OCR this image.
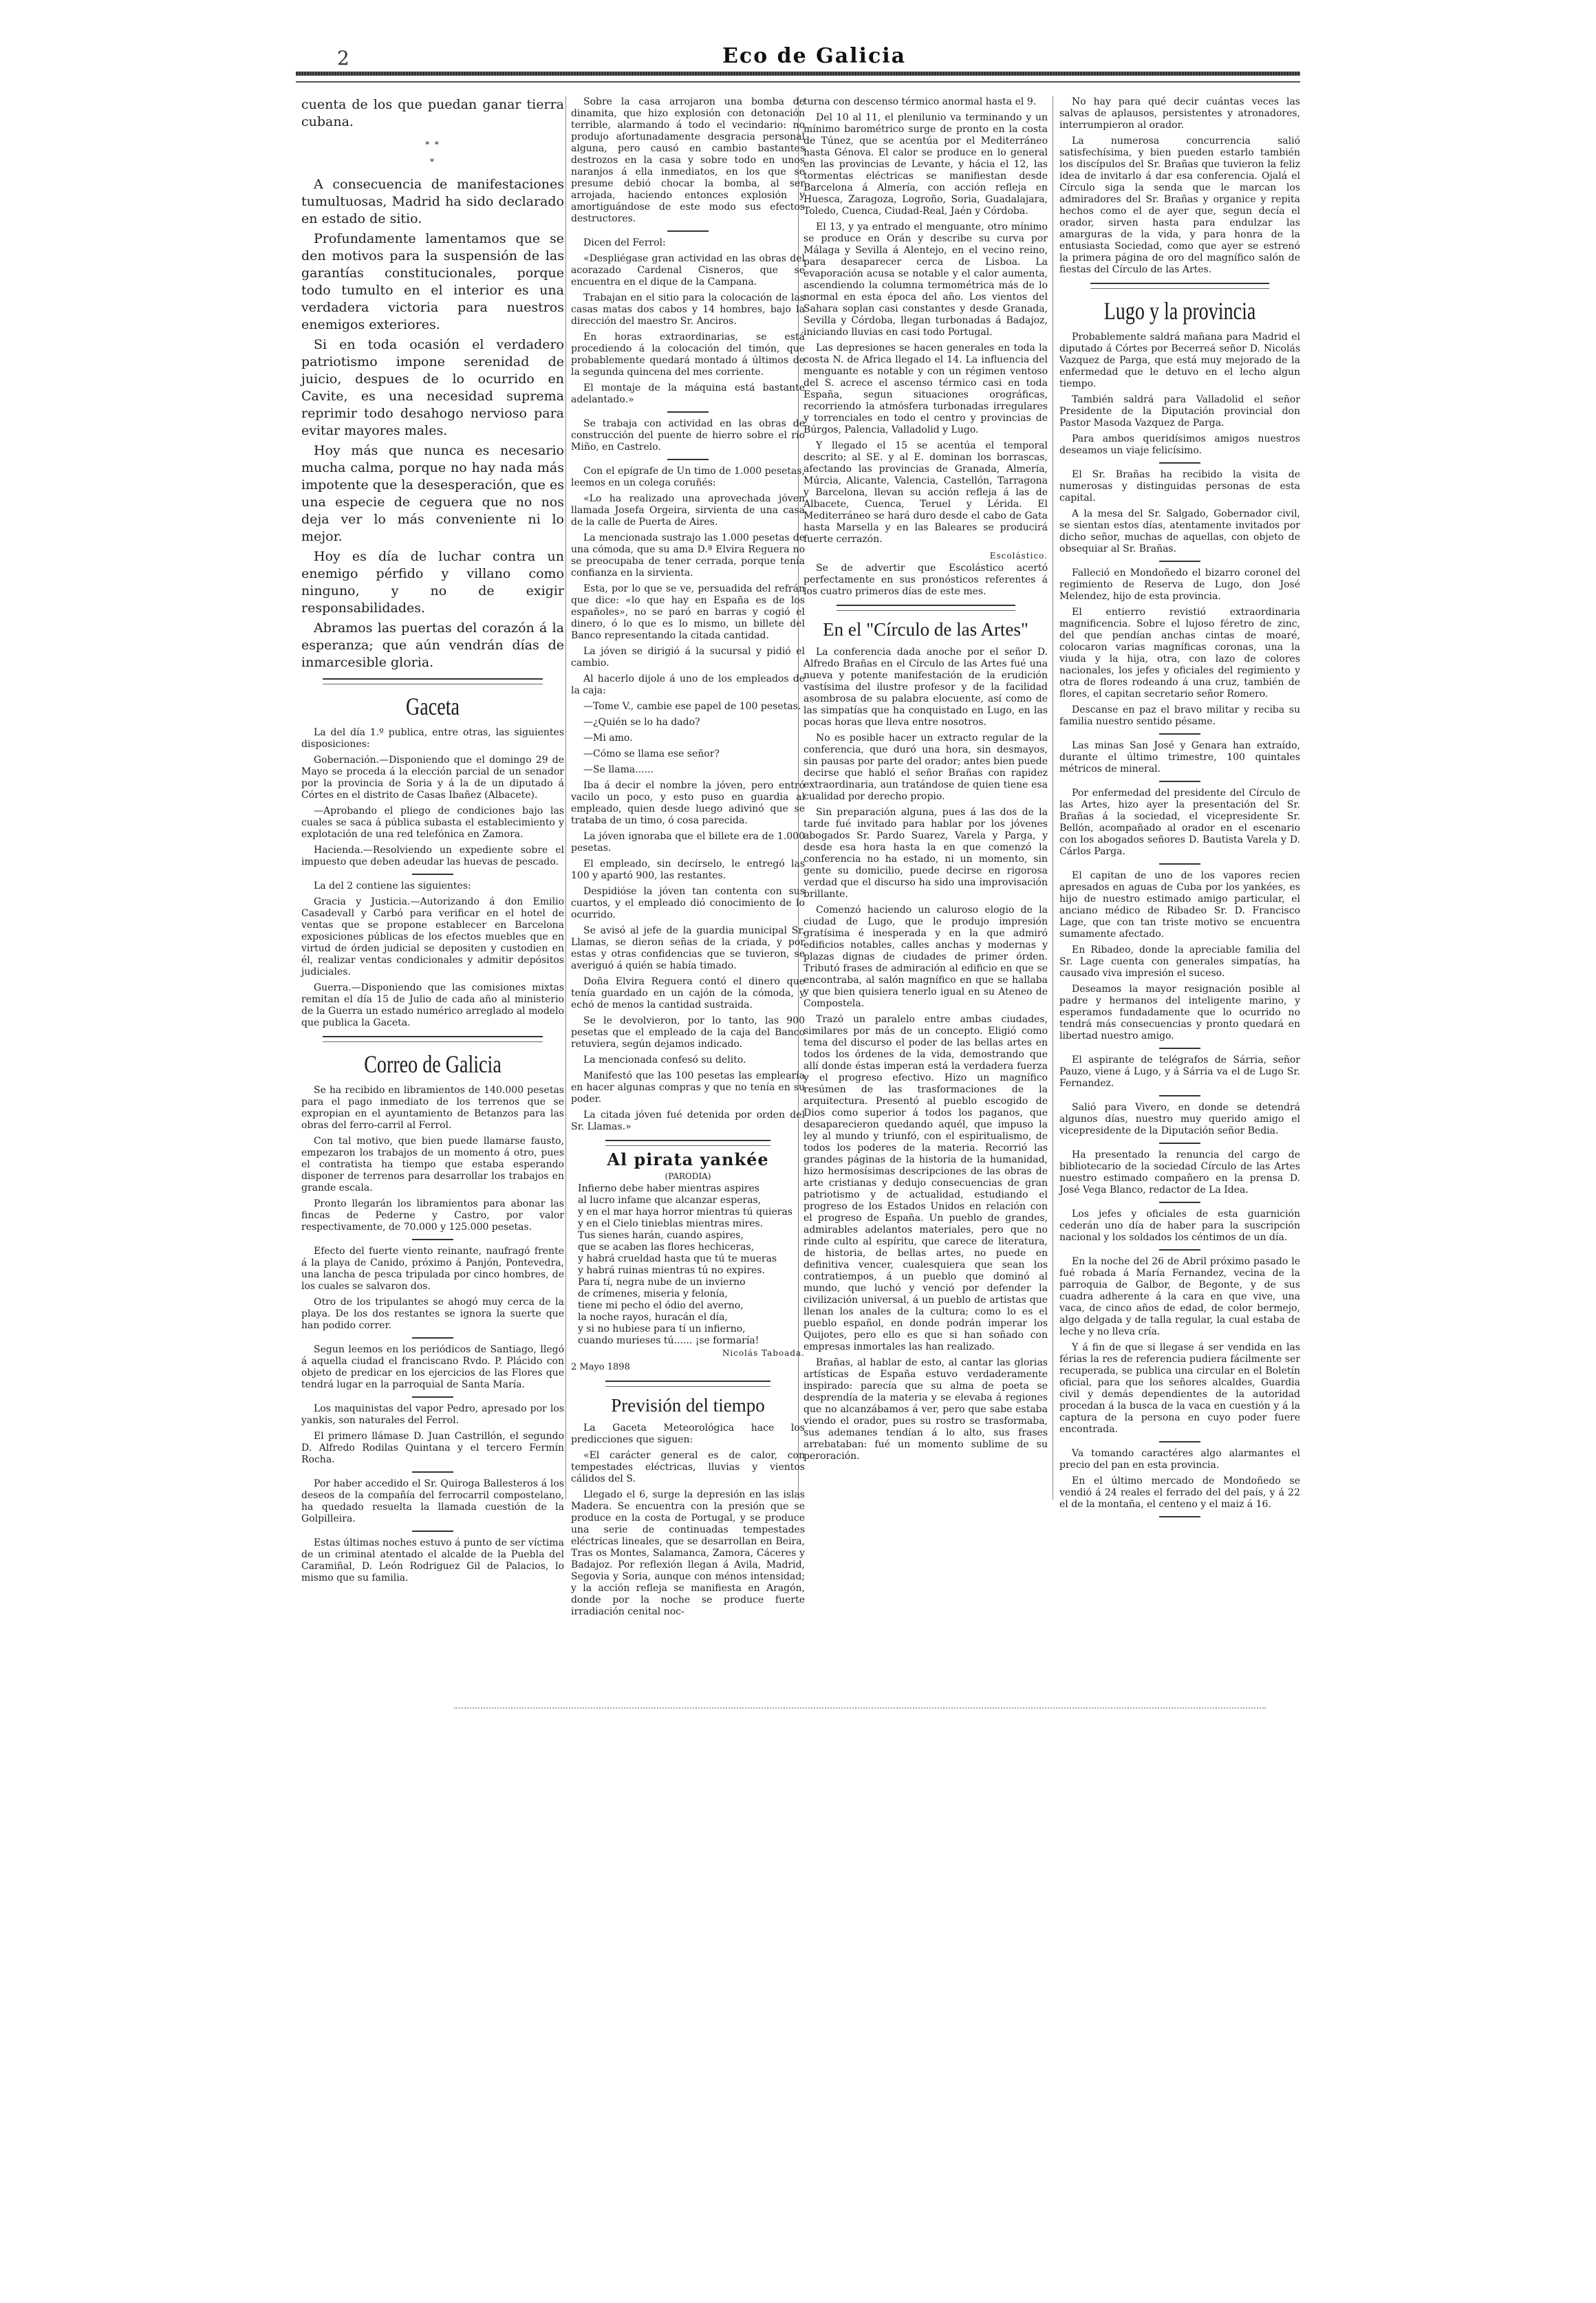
2	Eco de Galicia

cuenta de los que puedan ganar tierra cubana.

* *
*

A consecuencia de manifestaciones tumultuosas, Madrid ha sido declarado en estado de sitio.

Profundamente lamentamos que se den motivos para la suspensión de las garantías constitucionales, porque todo tumulto en el interior es una verdadera victoria para nuestros enemigos exteriores.

Si en toda ocasión el verdadero patriotismo impone serenidad de juicio, despues de lo ocurrido en Cavite, es una necesidad suprema reprimir todo desahogo nervioso para evitar mayores males.

Hoy más que nunca es necesario mucha calma, porque no hay nada más impotente que la desesperación, que es una especie de ceguera que no nos deja ver lo más conveniente ni lo mejor.

Hoy es día de luchar contra un enemigo pérfido y villano como ninguno, y no de exigir responsabilidades.

Abramos las puertas del corazón á la esperanza; que aún vendrán días de inmarcesible gloria.

Gaceta

La del día 1.º publica, entre otras, las siguientes disposiciones:

Gobernación.—Disponiendo que el domingo 29 de Mayo se proceda á la elección parcial de un senador por la provincia de Soria y á la de un diputado á Córtes en el distrito de Casas Ibañez (Albacete).

—Aprobando el pliego de condiciones bajo las cuales se saca á pública subasta el establecimiento y explotación de una red telefónica en Zamora.

Hacienda.—Resolviendo un expediente sobre el impuesto que deben adeudar las huevas de pescado.

La del 2 contiene las siguientes:

Gracia y Justicia.—Autorizando á don Emilio Casadevall y Carbó para verificar en el hotel de ventas que se propone establecer en Barcelona exposiciones públicas de los efectos muebles que en virtud de órden judicial se depositen y custodien en él, realizar ventas condicionales y admitir depósitos judiciales.

Guerra.—Disponiendo que las comisiones mixtas remitan el día 15 de Julio de cada año al ministerio de la Guerra un estado numérico arreglado al modelo que publica la Gaceta.

Correo de Galicia

Se ha recibido en libramientos de 140.000 pesetas para el pago inmediato de los terrenos que se expropian en el ayuntamiento de Betanzos para las obras del ferro-carril al Ferrol.

Con tal motivo, que bien puede llamarse fausto, empezaron los trabajos de un momento á otro, pues el contratista ha tiempo que estaba esperando disponer de terrenos para desarrollar los trabajos en grande escala.

Pronto llegarán los libramientos para abonar las fincas de Pederne y Castro, por valor respectivamente, de 70.000 y 125.000 pesetas.

Efecto del fuerte viento reinante, naufragó frente á la playa de Canido, próximo á Panjón, Pontevedra, una lancha de pesca tripulada por cinco hombres, de los cuales se salvaron dos.

Otro de los tripulantes se ahogó muy cerca de la playa. De los dos restantes se ignora la suerte que han podido correr.

Segun leemos en los periódicos de Santiago, llegó á aquella ciudad el franciscano Rvdo. P. Plácido con objeto de predicar en los ejercicios de las Flores que tendrá lugar en la parroquial de Santa María.

Los maquinistas del vapor Pedro, apresado por los yankis, son naturales del Ferrol.

El primero llámase D. Juan Castrillón, el segundo D. Alfredo Rodilas Quintana y el tercero Fermín Rocha.

Por haber accedido el Sr. Quiroga Ballesteros á los deseos de la compañía del ferrocarril compostelano, ha quedado resuelta la llamada cuestión de la Golpilleira.

Estas últimas noches estuvo á punto de ser víctima de un criminal atentado el alcalde de la Puebla del Caramiñal, D. León Rodriguez Gil de Palacios, lo mismo que su familia.

Sobre la casa arrojaron una bomba de dinamita, que hizo explosión con detonación terrible, alarmando á todo el vecindario: no produjo afortunadamente desgracia personal alguna, pero causó en cambio bastantes destrozos en la casa y sobre todo en unos naranjos á ella inmediatos, en los que se presume debió chocar la bomba, al ser arrojada, haciendo entonces explosión y amortiguándose de este modo sus efectos destructores.

Dicen del Ferrol:

«Despliégase gran actividad en las obras del acorazado Cardenal Cisneros, que se encuentra en el dique de la Campana.

Trabajan en el sitio para la colocación de las casas matas dos cabos y 14 hombres, bajo la dirección del maestro Sr. Anciros.

En horas extraordinarias, se está procediendo á la colocación del timón, que probablemente quedará montado á últimos de la segunda quincena del mes corriente.

El montaje de la máquina está bastante adelantado.»

Se trabaja con actividad en las obras de construcción del puente de hierro sobre el río Miño, en Castrelo.

Con el epígrafe de Un timo de 1.000 pesetas, leemos en un colega coruñés:

«Lo ha realizado una aprovechada jóven llamada Josefa Orgeira, sirvienta de una casa de la calle de Puerta de Aires.

La mencionada sustrajo las 1.000 pesetas de una cómoda, que su ama D.ª Elvira Reguera no se preocupaba de tener cerrada, porque tenía confianza en la sirvienta.

Esta, por lo que se ve, persuadida del refrán que dice: «lo que hay en España es de los españoles», no se paró en barras y cogió el dinero, ó lo que es lo mismo, un billete del Banco representando la citada cantidad.

La jóven se dirigió á la sucursal y pidió el cambio.

Al hacerlo dijole á uno de los empleados de la caja:

—Tome V., cambie ese papel de 100 pesetas.

—¿Quién se lo ha dado?

—Mi amo.

—Cómo se llama ese señor?

—Se llama......

Iba á decir el nombre la jóven, pero entró vacilo un poco, y esto puso en guardia al empleado, quien desde luego adivinó que se trataba de un timo, ó cosa parecida.

La jóven ignoraba que el billete era de 1.000 pesetas.

El empleado, sin decírselo, le entregó las 100 y apartó 900, las restantes.

Despidióse la jóven tan contenta con sus cuartos, y el empleado dió conocimiento de lo ocurrido.

Se avisó al jefe de la guardia municipal Sr. Llamas, se dieron señas de la criada, y por estas y otras confidencias que se tuvieron, se averiguó á quién se había timado.

Doña Elvira Reguera contó el dinero que tenía guardado en un cajón de la cómoda, y echó de menos la cantidad sustraida.

Se le devolvieron, por lo tanto, las 900 pesetas que el empleado de la caja del Banco retuviera, según dejamos indicado.

La mencionada confesó su delito.

Manifestó que las 100 pesetas las emplearía en hacer algunas compras y que no tenía en su poder.

La citada jóven fué detenida por orden del Sr. Llamas.»

Al pirata yankée
(PARODIA)
Infierno debe haber mientras aspires
al lucro infame que alcanzar esperas,
y en el mar haya horror mientras tú quieras
y en el Cielo tinieblas mientras mires.
Tus sienes harán, cuando aspires,
que se acaben las flores hechiceras,
y habrá crueldad hasta que tú te mueras
y habrá ruinas mientras tú no expires.
Para tí, negra nube de un invierno
de crímenes, miseria y felonía,
tiene mi pecho el ódio del averno,
la noche rayos, huracán el día,
y si no hubiese para tí un infierno,
cuando murieses tú...... ¡se formaría!
Nicolás Taboada.
2 Mayo 1898
Previsión del tiempo

La Gaceta Meteorológica hace los predicciones que siguen:

«El carácter general es de calor, con tempestades eléctricas, lluvias y vientos cálidos del S.

Llegado el 6, surge la depresión en las islas Madera. Se encuentra con la presión que se produce en la costa de Portugal, y se produce una serie de continuadas tempestades eléctricas lineales, que se desarrollan en Beira, Tras os Montes, Salamanca, Zamora, Cáceres y Badajoz. Por reflexión llegan á Avila, Madrid, Segovia y Soria, aunque con ménos intensidad; y la acción refleja se manifiesta en Aragón, donde por la noche se produce fuerte irradiación cenital noc-

turna con descenso térmico anormal hasta el 9.

Del 10 al 11, el plenilunio va terminando y un mínimo barométrico surge de pronto en la costa de Túnez, que se acentúa por el Mediterráneo hasta Génova. El calor se produce en lo general en las provincias de Levante, y hácia el 12, las tormentas eléctricas se manifiestan desde Barcelona á Almería, con acción refleja en Huesca, Zaragoza, Logroño, Soria, Guadalajara, Toledo, Cuenca, Ciudad-Real, Jaén y Córdoba.

El 13, y ya entrado el menguante, otro mínimo se produce en Orán y describe su curva por Málaga y Sevilla á Alentejo, en el vecino reino, para desaparecer cerca de Lisboa. La evaporación acusa se notable y el calor aumenta, ascendiendo la columna termométrica más de lo normal en esta época del año. Los vientos del Sahara soplan casi constantes y desde Granada, Sevilla y Córdoba, llegan turbonadas á Badajoz, iniciando lluvias en casi todo Portugal.

Las depresiones se hacen generales en toda la costa N. de Africa llegado el 14. La influencia del menguante es notable y con un régimen ventoso del S. acrece el ascenso térmico casi en toda España, segun situaciones orográficas, recorriendo la atmósfera turbonadas irregulares y torrenciales en todo el centro y provincias de Búrgos, Palencia, Valladolid y Lugo.

Y llegado el 15 se acentúa el temporal descrito; al SE. y al E. dominan los borrascas, afectando las provincias de Granada, Almería, Múrcia, Alicante, Valencia, Castellón, Tarragona y Barcelona, llevan su acción refleja á las de Albacete, Cuenca, Teruel y Lérida. El Mediterráneo se hará duro desde el cabo de Gata hasta Marsella y en las Baleares se producirá fuerte cerrazón.

Escolástico.

Se de advertir que Escolástico acertó perfectamente en sus pronósticos referentes á los cuatro primeros días de este mes.

En el "Círculo de las Artes"

La conferencia dada anoche por el señor D. Alfredo Brañas en el Círculo de las Artes fué una nueva y potente manifestación de la erudición vastísima del ilustre profesor y de la facilidad asombrosa de su palabra elocuente, así como de las simpatías que ha conquistado en Lugo, en las pocas horas que lleva entre nosotros.

No es posible hacer un extracto regular de la conferencia, que duró una hora, sin desmayos, sin pausas por parte del orador; antes bien puede decirse que habló el señor Brañas con rapidez extraordinaria, aun tratándose de quien tiene esa cualidad por derecho propio.

Sin preparación alguna, pues á las dos de la tarde fué invitado para hablar por los jóvenes abogados Sr. Pardo Suarez, Varela y Parga, y desde esa hora hasta la en que comenzó la conferencia no ha estado, ni un momento, sin gente su domicilio, puede decirse en rigorosa verdad que el discurso ha sido una improvisación brillante.

Comenzó haciendo un caluroso elogio de la ciudad de Lugo, que le produjo impresión gratísima é inesperada y en la que admiró edificios notables, calles anchas y modernas y plazas dignas de ciudades de primer órden. Tributó frases de admiración al edificio en que se encontraba, al salón magnífico en que se hallaba y que bien quisiera tenerlo igual en su Ateneo de Compostela.

Trazó un paralelo entre ambas ciudades, similares por más de un concepto. Eligió como tema del discurso el poder de las bellas artes en todos los órdenes de la vida, demostrando que allí donde éstas imperan está la verdadera fuerza y el progreso efectivo. Hizo un magnífico resúmen de las trasformaciones de la arquitectura. Presentó al pueblo escogido de Dios como superior á todos los paganos, que desaparecieron quedando aquél, que impuso la ley al mundo y triunfó, con el espiritualismo, de todos los poderes de la materia. Recorrió las grandes páginas de la historia de la humanidad, hizo hermosísimas descripciones de las obras de arte cristianas y dedujo consecuencias de gran patriotismo y de actualidad, estudiando el progreso de los Estados Unidos en relación con el progreso de España. Un pueblo de grandes, admirables adelantos materiales, pero que no rinde culto al espíritu, que carece de literatura, de historia, de bellas artes, no puede en definitiva vencer, cualesquiera que sean los contratiempos, á un pueblo que dominó al mundo, que luchó y venció por defender la civilización universal, á un pueblo de artistas que llenan los anales de la cultura; como lo es el pueblo español, en donde podrán imperar los Quijotes, pero ello es que si han soñado con empresas inmortales las han realizado.

Brañas, al hablar de esto, al cantar las glorias artísticas de España estuvo verdaderamente inspirado: parecía que su alma de poeta se desprendía de la materia y se elevaba á regiones que no alcanzábamos á ver, pero que sabe estaba viendo el orador, pues su rostro se trasformaba, sus ademanes tendían á lo alto, sus frases arrebataban: fué un momento sublime de su peroración.

No hay para qué decir cuántas veces las salvas de aplausos, persistentes y atronadores, interrumpieron al orador.

La numerosa concurrencia salió satisfechísima, y bien pueden estarlo también los discípulos del Sr. Brañas que tuvieron la feliz idea de invitarlo á dar esa conferencia. Ojalá el Círculo siga la senda que le marcan los admiradores del Sr. Brañas y organice y repita hechos como el de ayer que, segun decía el orador, sirven hasta para endulzar las amarguras de la vida, y para honra de la entusiasta Sociedad, como que ayer se estrenó la primera página de oro del magnífico salón de fiestas del Círculo de las Artes.

Lugo y la provincia

Probablemente saldrá mañana para Madrid el diputado á Córtes por Becerreá señor D. Nicolás Vazquez de Parga, que está muy mejorado de la enfermedad que le detuvo en el lecho algun tiempo.

También saldrá para Valladolid el señor Presidente de la Diputación provincial don Pastor Masoda Vazquez de Parga.

Para ambos queridísimos amigos nuestros deseamos un viaje felicísimo.

El Sr. Brañas ha recibido la visita de numerosas y distinguidas personas de esta capital.

A la mesa del Sr. Salgado, Gobernador civil, se sientan estos días, atentamente invitados por dicho señor, muchas de aquellas, con objeto de obsequiar al Sr. Brañas.

Falleció en Mondoñedo el bizarro coronel del regimiento de Reserva de Lugo, don José Melendez, hijo de esta provincia.

El entierro revistió extraordinaria magnificencia. Sobre el lujoso féretro de zinc, del que pendían anchas cintas de moaré, colocaron varias magníficas coronas, una la viuda y la hija, otra, con lazo de colores nacionales, los jefes y oficiales del regimiento y otra de flores rodeando á una cruz, también de flores, el capitan secretario señor Romero.

Descanse en paz el bravo militar y reciba su familia nuestro sentido pésame.

Las minas San José y Genara han extraído, durante el último trimestre, 100 quintales métricos de mineral.

Por enfermedad del presidente del Círculo de las Artes, hizo ayer la presentación del Sr. Brañas á la sociedad, el vicepresidente Sr. Bellón, acompañado al orador en el escenario con los abogados señores D. Bautista Varela y D. Cárlos Parga.

El capitan de uno de los vapores recien apresados en aguas de Cuba por los yankées, es hijo de nuestro estimado amigo particular, el anciano médico de Ribadeo Sr. D. Francisco Lage, que con tan triste motivo se encuentra sumamente afectado.

En Ribadeo, donde la apreciable familia del Sr. Lage cuenta con generales simpatías, ha causado viva impresión el suceso.

Deseamos la mayor resignación posible al padre y hermanos del inteligente marino, y esperamos fundadamente que lo ocurrido no tendrá más consecuencias y pronto quedará en libertad nuestro amigo.

El aspirante de telégrafos de Sárria, señor Pauzo, viene á Lugo, y á Sárria va el de Lugo Sr. Fernandez.

Salió para Vivero, en donde se detendrá algunos días, nuestro muy querido amigo el vicepresidente de la Diputación señor Bedia.

Ha presentado la renuncia del cargo de bibliotecario de la sociedad Círculo de las Artes nuestro estimado compañero en la prensa D. José Vega Blanco, redactor de La Idea.

Los jefes y oficiales de esta guarnición cederán uno día de haber para la suscripción nacional y los soldados los céntimos de un día.

En la noche del 26 de Abril próximo pasado le fué robada á María Fernandez, vecina de la parroquia de Galbor, de Begonte, y de sus cuadra adherente á la cara en que vive, una vaca, de cinco años de edad, de color bermejo, algo delgada y de talla regular, la cual estaba de leche y no lleva cría.

Y á fin de que si llegase á ser vendida en las férias la res de referencia pudiera fácilmente ser recuperada, se publica una circular en el Boletín oficial, para que los señores alcaldes, Guardia civil y demás dependientes de la autoridad procedan á la busca de la vaca en cuestión y á la captura de la persona en cuyo poder fuere encontrada.

Va tomando caractéres algo alarmantes el precio del pan en esta provincia.

En el último mercado de Mondoñedo se vendió á 24 reales el ferrado del del país, y á 22 el de la montaña, el centeno y el maiz á 16.
